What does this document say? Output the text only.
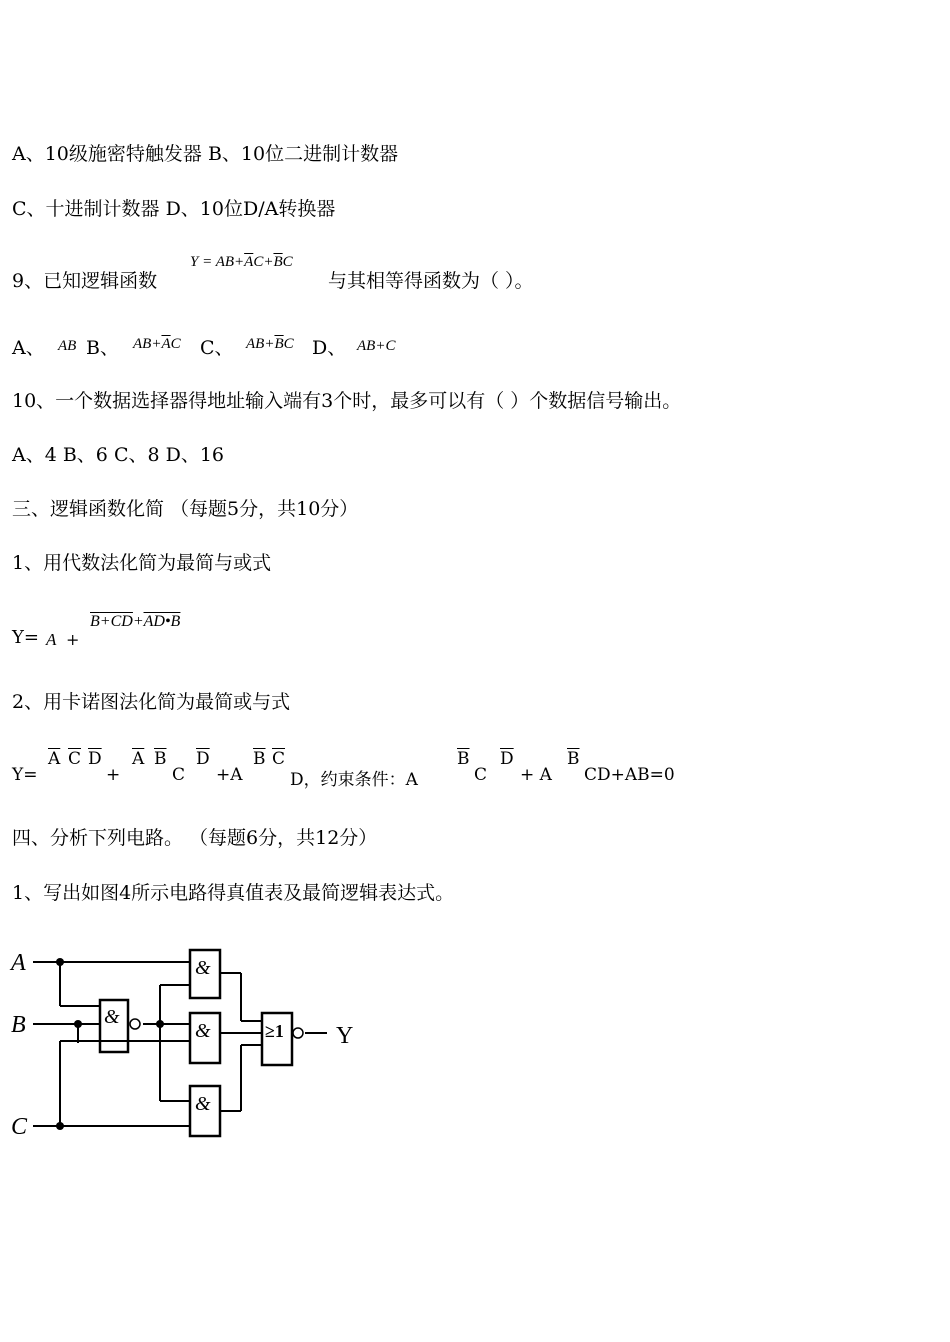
A、10级施密特触发器 B、10位二进制计数器
C、十进制计数器 D、10位D/A转换器
9、已知逻辑函数
$Y = AB+\overline{A}C+\overline{B}C$
与其相等得函数为（ ）。
A、 AB B、 $AB+\overline{A}C$ C、 $AB+\overline{B}C$ D、 AB+C
10、一个数据选择器得地址输入端有3个时，最多可以有（ ）个数据信号输出。
A、4 B、6 C、8 D、16
三、逻辑函数化简 （每题5分，共10分）
1、用代数法化简为最简与或式
Y= A +
B+CD+AD•B
2、用卡诺图法化简为最简或与式
Y=
$\overline{A}$ $\overline{C}$ $\overline{D}$
+
$\overline{A}$ $\overline{B}$
C
$\overline{D}$
+A
$\overline{B}$ $\overline{C}$
D，约束条件：A
$\overline{B}$
C
$\overline{D}$
+ A
$\overline{B}$
CD+AB=0
四、分析下列电路。 （每题6分，共12分）
1、写出如图4所示电路得真值表及最简逻辑表达式。
A
B
C
Y
&
&
&
&
≥1
